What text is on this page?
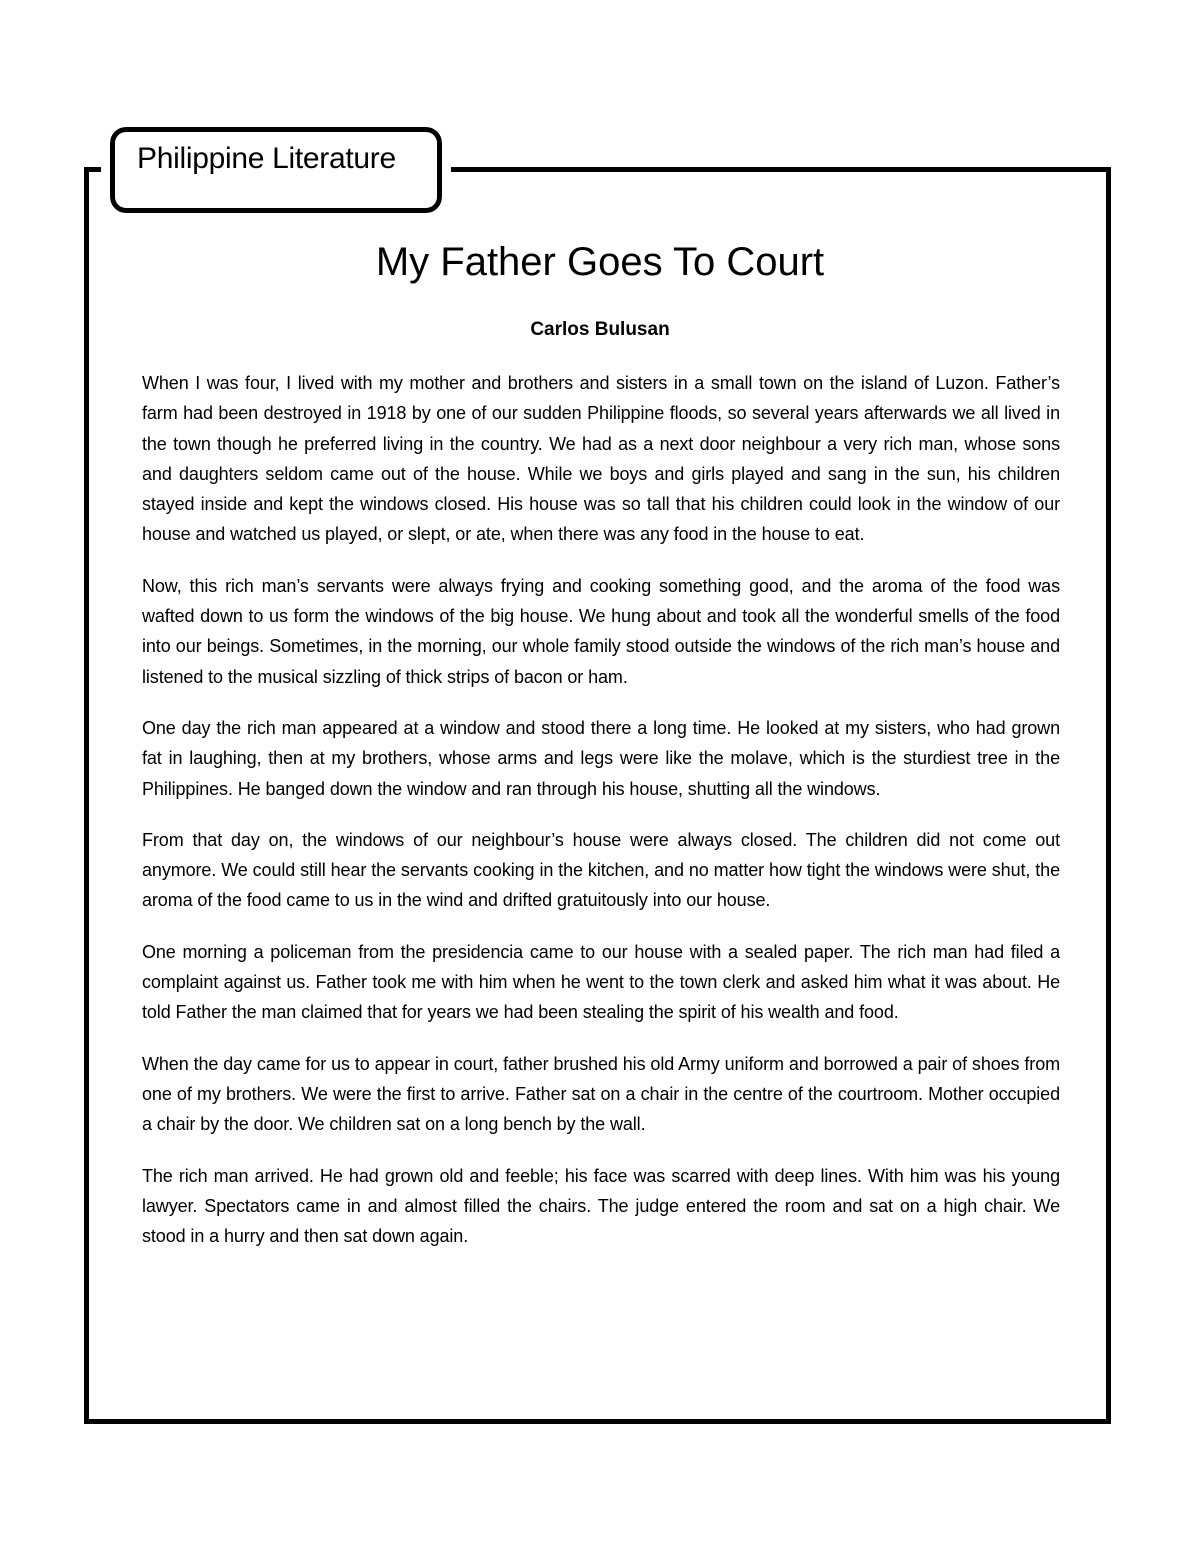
Philippine Literature
My Father Goes To Court
Carlos Bulusan

When I was four, I lived with my mother and brothers and sisters in a small town on the island of Luzon. Father’s farm had been destroyed in 1918 by one of our sudden Philippine floods, so several years afterwards we all lived in the town though he preferred living in the country. We had as a next door neighbour a very rich man, whose sons and daughters seldom came out of the house. While we boys and girls played and sang in the sun, his children stayed inside and kept the windows closed. His house was so tall that his children could look in the window of our house and watched us played, or slept, or ate, when there was any food in the house to eat.

Now, this rich man’s servants were always frying and cooking something good, and the aroma of the food was wafted down to us form the windows of the big house. We hung about and took all the wonderful smells of the food into our beings. Sometimes, in the morning, our whole family stood outside the windows of the rich man’s house and listened to the musical sizzling of thick strips of bacon or ham.

One day the rich man appeared at a window and stood there a long time. He looked at my sisters, who had grown fat in laughing, then at my brothers, whose arms and legs were like the molave, which is the sturdiest tree in the Philippines. He banged down the window and ran through his house, shutting all the windows.

From that day on, the windows of our neighbour’s house were always closed. The children did not come out anymore. We could still hear the servants cooking in the kitchen, and no matter how tight the windows were shut, the aroma of the food came to us in the wind and drifted gratuitously into our house.

One morning a policeman from the presidencia came to our house with a sealed paper. The rich man had filed a complaint against us. Father took me with him when he went to the town clerk and asked him what it was about. He told Father the man claimed that for years we had been stealing the spirit of his wealth and food.

When the day came for us to appear in court, father brushed his old Army uniform and borrowed a pair of shoes from one of my brothers. We were the first to arrive. Father sat on a chair in the centre of the courtroom. Mother occupied a chair by the door. We children sat on a long bench by the wall.

The rich man arrived. He had grown old and feeble; his face was scarred with deep lines. With him was his young lawyer. Spectators came in and almost filled the chairs. The judge entered the room and sat on a high chair. We stood in a hurry and then sat down again.
